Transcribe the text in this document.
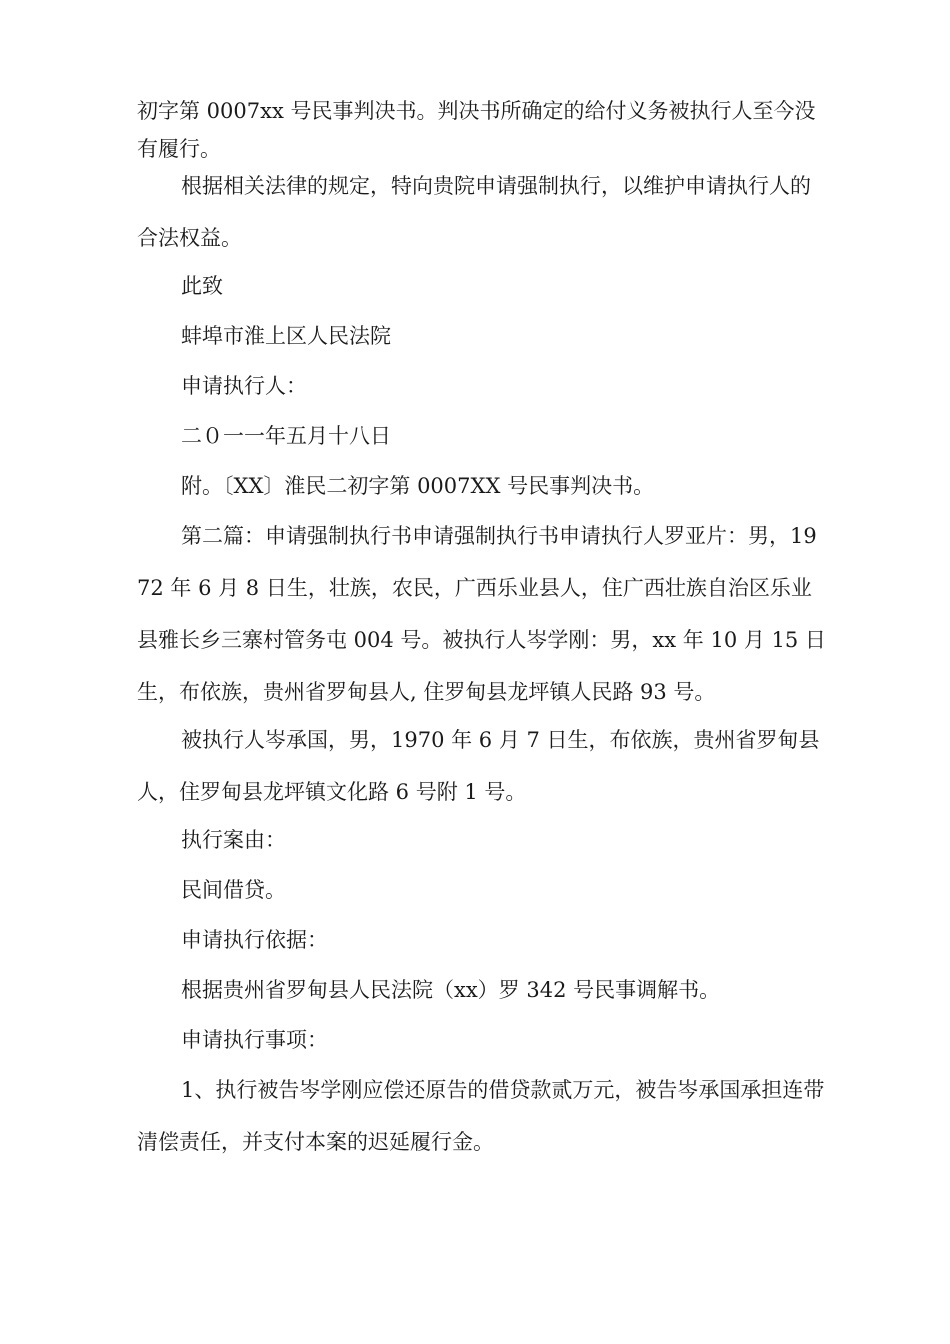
初字第 0007xx 号民事判决书。判决书所确定的给付义务被执行人至今没有履行。

根据相关法律的规定，特向贵院申请强制执行，以维护申请执行人的合法权益。

此致

蚌埠市淮上区人民法院

申请执行人：

二０一一年五月十八日

附。〔XX〕淮民二初字第 0007XX 号民事判决书。

第二篇：申请强制执行书申请强制执行书申请执行人罗亚片：男，1972 年 6 月 8 日生，壮族，农民，广西乐业县人，住广西壮族自治区乐业县雅长乡三寨村管务屯 004 号。被执行人岑学刚：男，xx 年 10 月 15 日生，布依族，贵州省罗甸县人, 住罗甸县龙坪镇人民路 93 号。

被执行人岑承国，男，1970 年 6 月 7 日生，布依族，贵州省罗甸县人，住罗甸县龙坪镇文化路 6 号附 1 号。

执行案由：

民间借贷。

申请执行依据：

根据贵州省罗甸县人民法院（xx）罗 342 号民事调解书。

申请执行事项：

1、执行被告岑学刚应偿还原告的借贷款贰万元，被告岑承国承担连带清偿责任，并支付本案的迟延履行金。
